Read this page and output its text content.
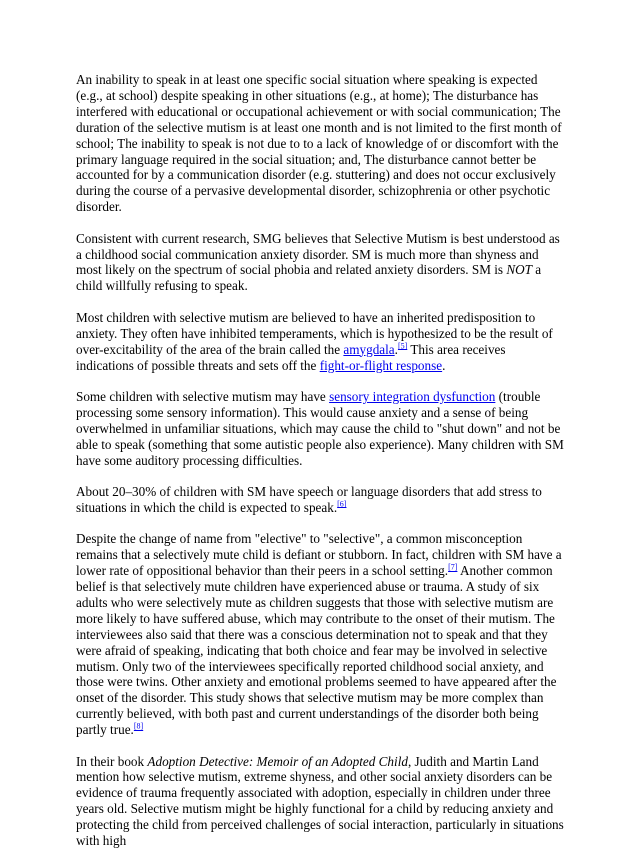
An inability to speak in at least one specific social situation where speaking is expected (e.g., at school) despite speaking in other situations (e.g., at home); The disturbance has interfered with educational or occupational achievement or with social communication; The duration of the selective mutism is at least one month and is not limited to the first month of school; The inability to speak is not due to to a lack of knowledge of or discomfort with the primary language required in the social situation; and, The disturbance cannot better be accounted for by a communication disorder (e.g. stuttering) and does not occur exclusively during the course of a pervasive developmental disorder, schizophrenia or other psychotic disorder.

Consistent with current research, SMG believes that Selective Mutism is best understood as a childhood social communication anxiety disorder. SM is much more than shyness and most likely on the spectrum of social phobia and related anxiety disorders. SM is NOT a child willfully refusing to speak.

Most children with selective mutism are believed to have an inherited predisposition to anxiety. They often have inhibited temperaments, which is hypothesized to be the result of over-excitability of the area of the brain called the amygdala.[5] This area receives indications of possible threats and sets off the fight-or-flight response.

Some children with selective mutism may have sensory integration dysfunction (trouble processing some sensory information). This would cause anxiety and a sense of being overwhelmed in unfamiliar situations, which may cause the child to "shut down" and not be able to speak (something that some autistic people also experience). Many children with SM have some auditory processing difficulties.

About 20–30% of children with SM have speech or language disorders that add stress to situations in which the child is expected to speak.[6]

Despite the change of name from "elective" to "selective", a common misconception remains that a selectively mute child is defiant or stubborn. In fact, children with SM have a lower rate of oppositional behavior than their peers in a school setting.[7] Another common belief is that selectively mute children have experienced abuse or trauma. A study of six adults who were selectively mute as children suggests that those with selective mutism are more likely to have suffered abuse, which may contribute to the onset of their mutism. The interviewees also said that there was a conscious determination not to speak and that they were afraid of speaking, indicating that both choice and fear may be involved in selective mutism. Only two of the interviewees specifically reported childhood social anxiety, and those were twins. Other anxiety and emotional problems seemed to have appeared after the onset of the disorder. This study shows that selective mutism may be more complex than currently believed, with both past and current understandings of the disorder both being partly true.[8]

In their book Adoption Detective: Memoir of an Adopted Child, Judith and Martin Land mention how selective mutism, extreme shyness, and other social anxiety disorders can be evidence of trauma frequently associated with adoption, especially in children under three years old. Selective mutism might be highly functional for a child by reducing anxiety and protecting the child from perceived challenges of social interaction, particularly in situations with high
